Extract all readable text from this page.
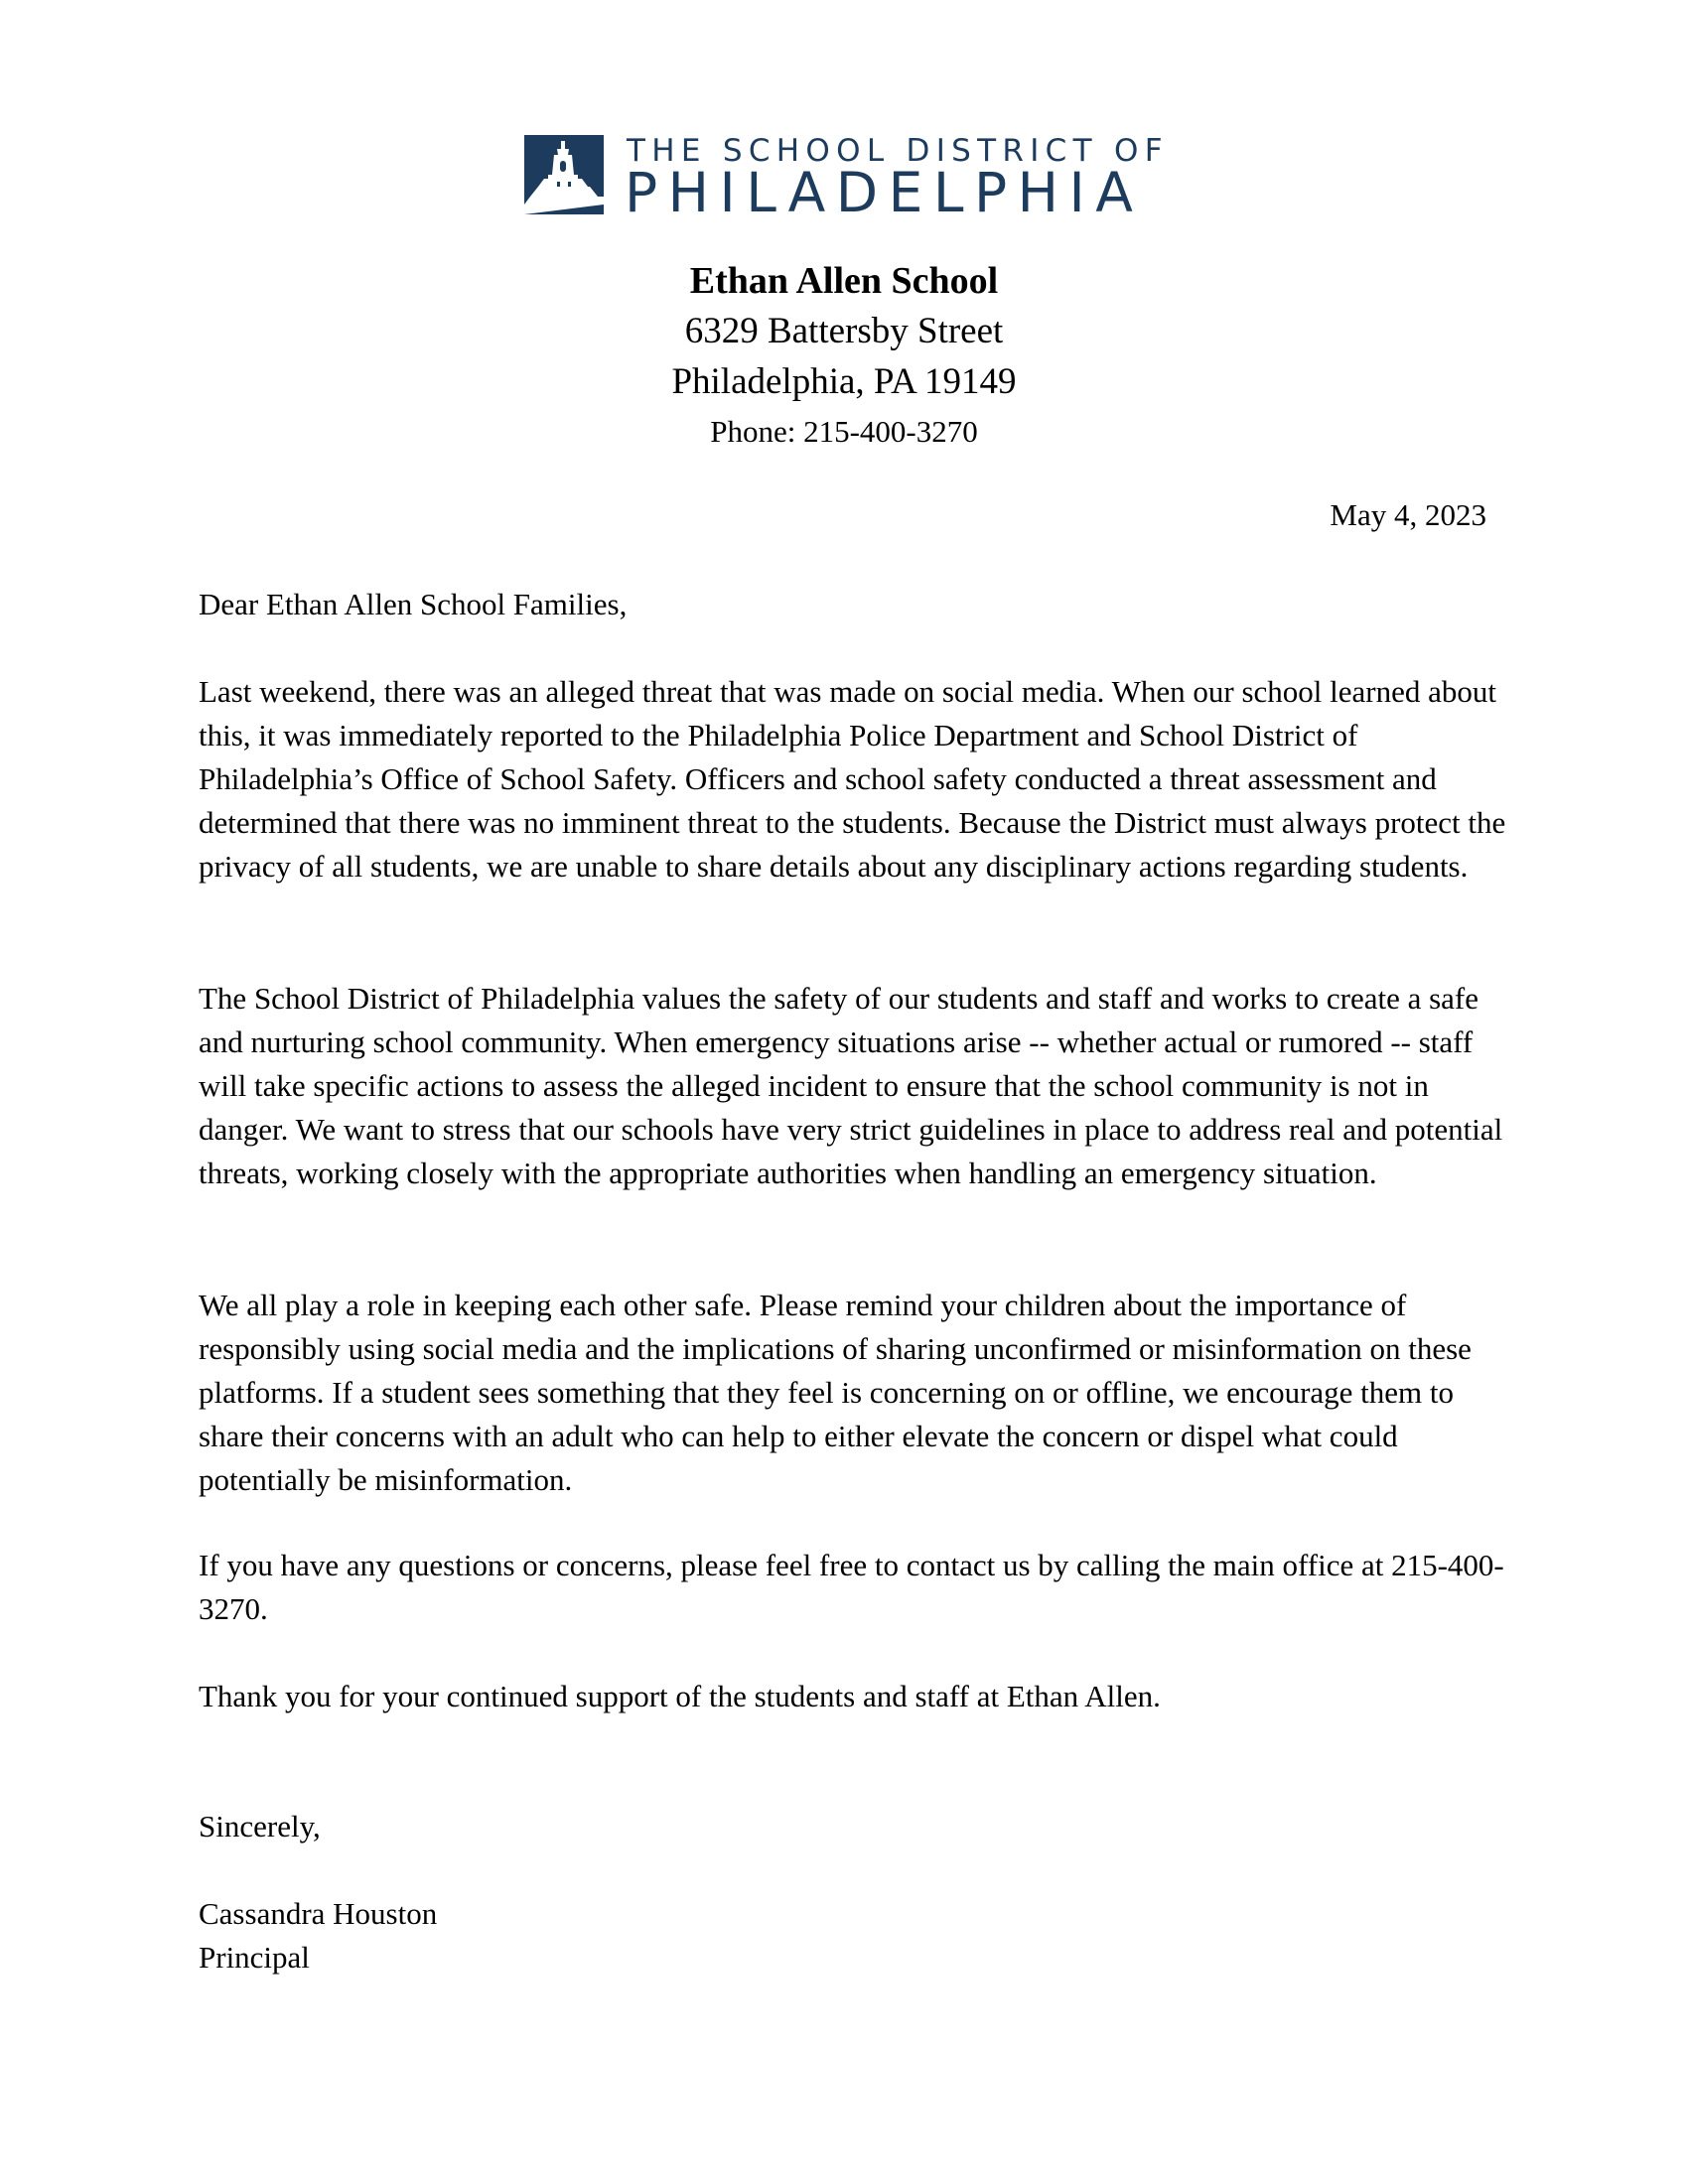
THE SCHOOL DISTRICT OF
PHILADELPHIA

Ethan Allen School

6329 Battersby Street

Philadelphia, PA 19149

Phone: 215-400-3270

May 4, 2023

Dear Ethan Allen School Families,

Last weekend, there was an alleged threat that was made on social media. When our school learned about this, it was immediately reported to the Philadelphia Police Department and School District of Philadelphia’s Office of School Safety. Officers and school safety conducted a threat assessment and determined that there was no imminent threat to the students. Because the District must always protect the privacy of all students, we are unable to share details about any disciplinary actions regarding students.

The School District of Philadelphia values the safety of our students and staff and works to create a safe and nurturing school community. When emergency situations arise -- whether actual or rumored -- staff will take specific actions to assess the alleged incident to ensure that the school community is not in danger. We want to stress that our schools have very strict guidelines in place to address real and potential threats, working closely with the appropriate authorities when handling an emergency situation.

We all play a role in keeping each other safe. Please remind your children about the importance of responsibly using social media and the implications of sharing unconfirmed or misinformation on these platforms. If a student sees something that they feel is concerning on or offline, we encourage them to share their concerns with an adult who can help to either elevate the concern or dispel what could potentially be misinformation.

If you have any questions or concerns, please feel free to contact us by calling the main office at 215-400-3270.

Thank you for your continued support of the students and staff at Ethan Allen.

Sincerely,

Cassandra Houston

Principal
